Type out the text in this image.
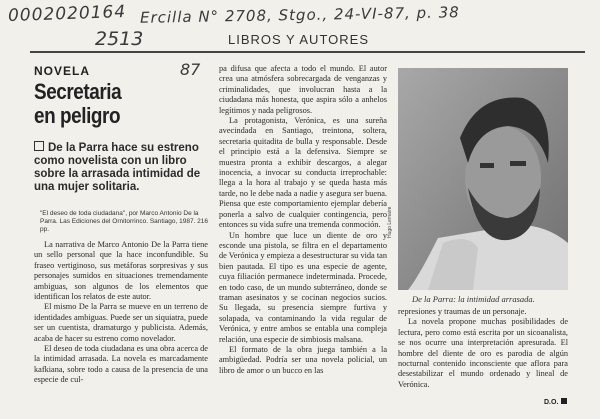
0002020164 Ercilla N° 2708, Stgo., 24-VI-87, p. 38
2513
87
LIBROS Y AUTORES
NOVELA
Secretaria
en peligro
De la Parra hace su estreno como novelista con un libro sobre la arrasada intimidad de una mujer solitaria.
"El deseo de toda ciudadana", por Marco Antonio De la Parra. Las Ediciones del Ornitorrinco. Santiago, 1987. 216 pp.

La narrativa de Marco Antonio De la Parra tiene un sello personal que la hace inconfundible. Su fraseo vertiginoso, sus metáforas sorpresivas y sus personajes sumidos en situaciones tremendamente ambiguas, son algunos de los elementos que identifican los relatos de este autor.

El mismo De la Parra se mueve en un terreno de identidades ambiguas. Puede ser un siquiatra, puede ser un cuentista, dramaturgo y publicista. Además, acaba de hacer su estreno como novelador.

El deseo de toda ciudadana es una obra acerca de la intimidad arrasada. La novela es marcadamente kafkiana, sobre todo a causa de la presencia de una especie de cul-

pa difusa que afecta a todo el mundo. El autor crea una atmósfera sobrecargada de venganzas y criminalidades, que involucran hasta a la ciudadana más honesta, que aspira sólo a anhelos legítimos y nada peligrosos.

La protagonista, Verónica, es una sureña avecindada en Santiago, treintona, soltera, secretaria quitadita de bulla y responsable. Desde el principio está a la defensiva. Siempre se muestra pronta a exhibir descargos, a alegar inocencia, a invocar su conducta irreprochable: llega a la hora al trabajo y se queda hasta más tarde, no le debe nada a nadie y asegura ser buena. Piensa que este comportamiento ejemplar debería ponerla a salvo de cualquier contingencia, pero entonces su vida sufre una tremenda conmoción.

Un hombre que luce un diente de oro y esconde una pistola, se filtra en el departamento de Verónica y empieza a desestructurar su vida tan bien pautada. El tipo es una especie de agente, cuya filiación permanece indeterminada. Procede, en todo caso, de un mundo subterráneo, donde se traman asesinatos y se cocinan negocios sucios. Su llegada, su presencia siempre furtiva y solapada, va contaminando la vida regular de Verónica, y entre ambos se entabla una compleja relación, una especie de simbiosis malsana.

El formato de la obra juega también a la ambigüedad. Podría ser una novela policial, un libro de amor o un bucco en las

Hugo Lemaire
De la Parra: la intimidad arrasada.

represiones y traumas de un personaje.

La novela propone muchas posibilidades de lectura, pero como está escrita por un sicoanalista, se nos ocurre una interpretación apresurada. El hombre del diente de oro es parodia de algún nocturnal contenido inconsciente que aflora para desestabilizar el mundo ordenado y lineal de Verónica.

D.O.
